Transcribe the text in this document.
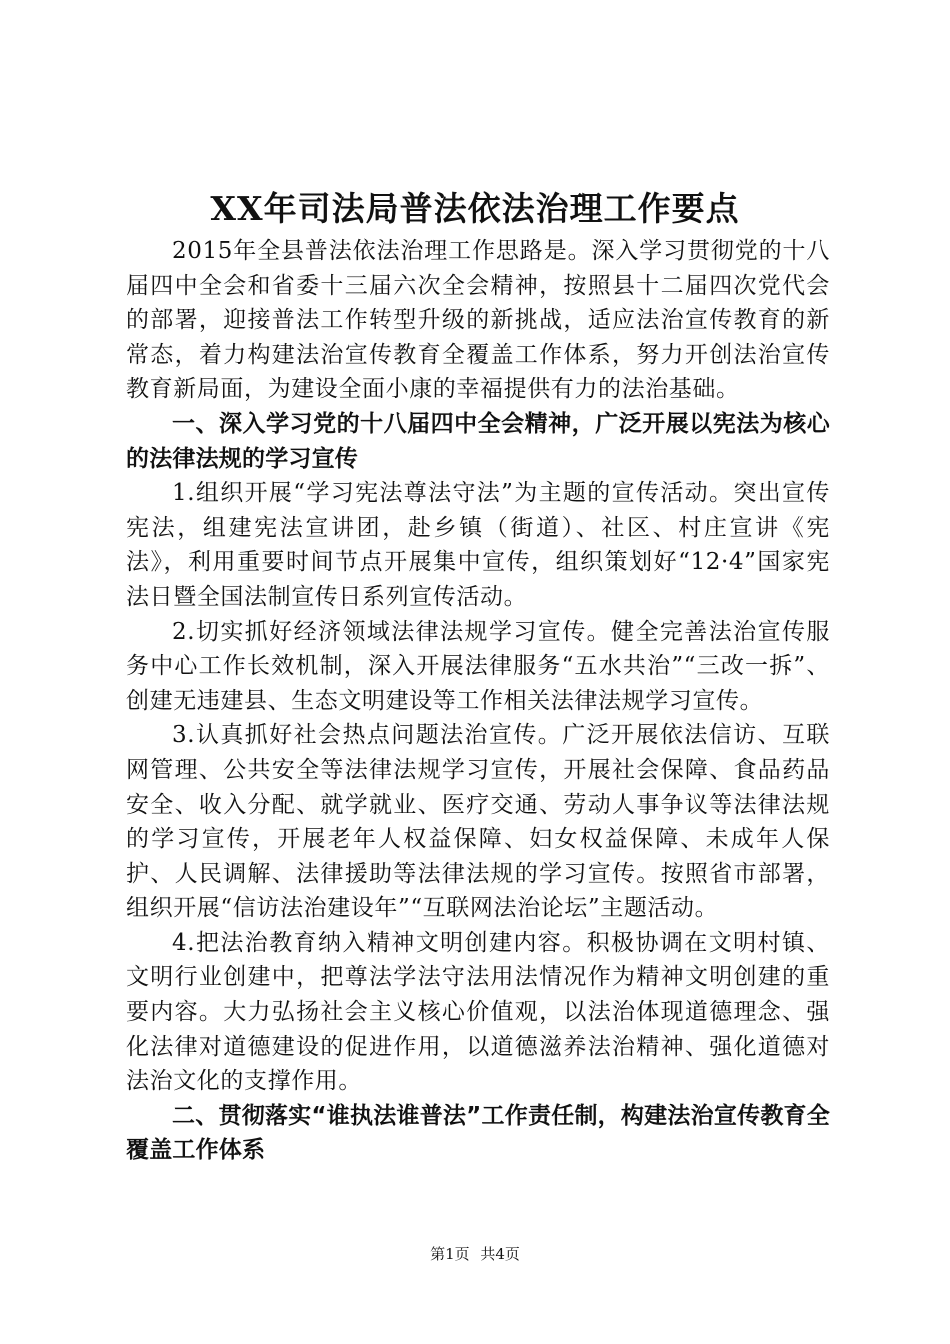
XX年司法局普法依法治理工作要点

2015年全县普法依法治理工作思路是。深入学习贯彻党的十八届四中全会和省委十三届六次全会精神，按照县十二届四次党代会的部署，迎接普法工作转型升级的新挑战，适应法治宣传教育的新常态，着力构建法治宣传教育全覆盖工作体系，努力开创法治宣传教育新局面，为建设全面小康的幸福提供有力的法治基础。

一、深入学习党的十八届四中全会精神，广泛开展以宪法为核心的法律法规的学习宣传

1.组织开展“学习宪法尊法守法”为主题的宣传活动。突出宣传宪法，组建宪法宣讲团，赴乡镇（街道）、社区、村庄宣讲《宪法》，利用重要时间节点开展集中宣传，组织策划好“12·4”国家宪法日暨全国法制宣传日系列宣传活动。

2.切实抓好经济领域法律法规学习宣传。健全完善法治宣传服务中心工作长效机制，深入开展法律服务“五水共治”“三改一拆”、创建无违建县、生态文明建设等工作相关法律法规学习宣传。

3.认真抓好社会热点问题法治宣传。广泛开展依法信访、互联网管理、公共安全等法律法规学习宣传，开展社会保障、食品药品安全、收入分配、就学就业、医疗交通、劳动人事争议等法律法规的学习宣传，开展老年人权益保障、妇女权益保障、未成年人保护、人民调解、法律援助等法律法规的学习宣传。按照省市部署，组织开展“信访法治建设年”“互联网法治论坛”主题活动。

4.把法治教育纳入精神文明创建内容。积极协调在文明村镇、文明行业创建中，把尊法学法守法用法情况作为精神文明创建的重要内容。大力弘扬社会主义核心价值观，以法治体现道德理念、强化法律对道德建设的促进作用，以道德滋养法治精神、强化道德对法治文化的支撑作用。

二、贯彻落实“谁执法谁普法”工作责任制，构建法治宣传教育全覆盖工作体系

第1页 共4页
